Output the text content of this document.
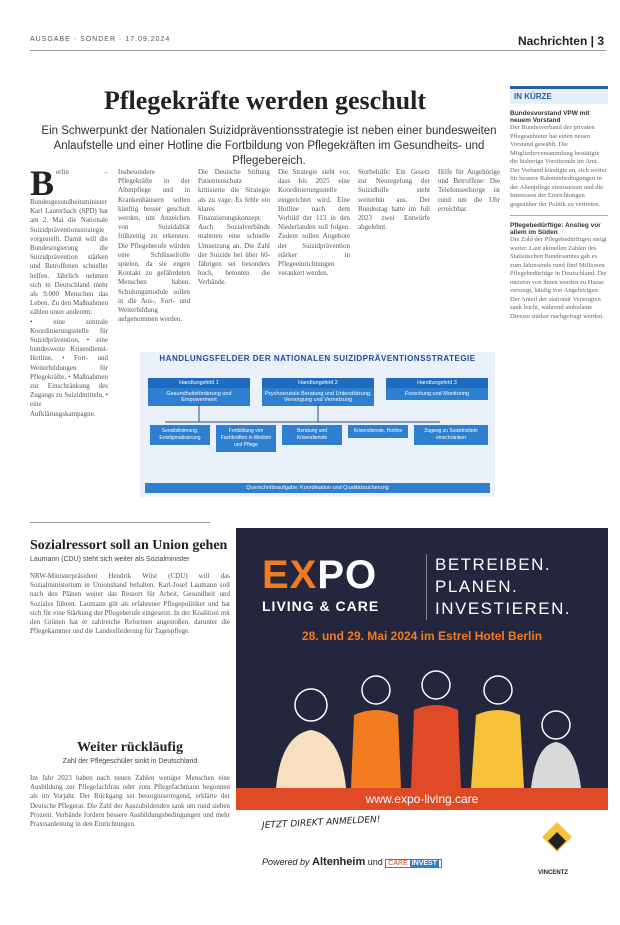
AUSGABE · SONDER · 17.09.2024	Nachrichten | 3
Pflegekräfte werden geschult
Ein Schwerpunkt der Nationalen Suizidpräventionsstrategie ist neben einer bundesweiten Anlaufstelle und einer Hotline die Fortbildung von Pflegekräften im Gesundheits- und Pflegebereich.
B erlin – Bundesgesundheitsminister Karl Lauterbach (SPD) hat am 2. Mai die Nationale Suizidpräventionsstrategie vorgestellt. Damit will die Bundesregierung die Suizidprävention stärken und Betroffenen schneller helfen. Jährlich nehmen sich in Deutschland mehr als 9.000 Menschen das Leben. Zu den Maßnahmen zählen unter anderem:
• eine zentrale Koordinierungsstelle für Suizidprävention, • eine bundesweite Krisendienst-Hotline, • Fort- und Weiterbildungen für Pflegekräfte, • Maßnahmen zur Einschränkung des Zugangs zu Suizidmitteln, • eine Aufklärungskampagne.
Insbesondere Pflegekräfte in der Altenpflege und in Krankenhäusern sollen künftig besser geschult werden, um Anzeichen von Suizidalität frühzeitig zu erkennen. Die Pflegeberufe würden eine Schlüsselrolle spielen, da sie engen Kontakt zu gefährdeten Menschen haben. Schulungsmodule sollen in die Aus-, Fort- und Weiterbildung aufgenommen werden.
Die Deutsche Stiftung Patientenschutz kritisierte die Strategie als zu vage. Es fehle ein klares Finanzierungskonzept. Auch Sozialverbände mahnten eine schnelle Umsetzung an. Die Zahl der Suizide bei über 60-Jährigen sei besonders hoch, betonten die Verbände.
Die Strategie sieht vor, dass bis 2025 eine Koordinierungsstelle eingerichtet wird. Eine Hotline nach dem Vorbild der 113 in den Niederlanden soll folgen. Zudem sollen Angebote der Suizidprävention stärker in Pflegeeinrichtungen verankert werden.
Sterbehilfe: Ein Gesetz zur Neuregelung der Suizidhilfe steht weiterhin aus. Der Bundestag hatte im Juli 2023 zwei Entwürfe abgelehnt.
Hilfe für Angehörige und Betroffene: Die Telefonseelsorge ist rund um die Uhr erreichbar.
HANDLUNGSFELDER DER NATIONALEN SUIZIDPRÄVENTIONSSTRATEGIE
Handlungsfeld 1
Gesundheitsförderung und Empowerment
Handlungsfeld 2
Psychosoziale Beratung und Unterstützung, Versorgung und Vernetzung
Handlungsfeld 3
Forschung und Monitoring
Sensibilisierung, Entstigmatisierung
Fortbildung von Fachkräften in Medizin und Pflege
Beratung und Krisendienste
Krisendienste, Hotline	Zugang zu Suizidmitteln einschränken
Querschnittsaufgabe: Koordination und Qualitätssicherung
IN KÜRZE
Bundesvorstand VPW mit neuem Vorstand
Der Bundesverband der privaten Pflegeanbieter hat einen neuen Vorstand gewählt. Die Mitgliederversammlung bestätigte die bisherige Vorsitzende im Amt. Der Verband kündigte an, sich weiter für bessere Rahmenbedingungen in der Altenpflege einzusetzen und die Interessen der Einrichtungen gegenüber der Politik zu vertreten.
Pflegebedürftige: Anstieg vor allem im Süden
Die Zahl der Pflegebedürftigen steigt weiter. Laut aktuellen Zahlen des Statistischen Bundesamtes gab es zum Jahresende rund fünf Millionen Pflegebedürftige in Deutschland. Die meisten von ihnen werden zu Hause versorgt, häufig von Angehörigen. Der Anteil der stationär Versorgten sank leicht, während ambulante Dienste stärker nachgefragt werden.
Sozialressort soll an Union gehen
Laumann (CDU) steht sich weiter als Sozialminister
NRW-Ministerpräsident Hendrik Wüst (CDU) will das Sozialministerium in Unionshand behalten. Karl-Josef Laumann soll nach den Plänen weiter das Ressort für Arbeit, Gesundheit und Soziales führen. Laumann gilt als erfahrener Pflegepolitiker und hat sich für eine Stärkung der Pflegeberufe eingesetzt. In der Koalition mit den Grünen hat er zahlreiche Reformen angestoßen, darunter die Pflegekammer und die Landesförderung für Tagespflege.
Weiter rückläufig
Zahl der Pflegeschüler sinkt in Deutschland
Im Jahr 2023 haben nach neuen Zahlen weniger Menschen eine Ausbildung zur Pflegefachfrau oder zum Pflegefachmann begonnen als im Vorjahr. Der Rückgang sei besorgniserregend, erklärte der Deutsche Pflegerat. Die Zahl der Auszubildenden sank um rund sieben Prozent. Verbände fordern bessere Ausbildungsbedingungen und mehr Praxisanleitung in den Einrichtungen.
EXPO
LIVING & CARE
BETREIBEN.
PLANEN.
INVESTIEREN.
28. und 29. Mai 2024 im Estrel Hotel Berlin
www.expo-living.care
JETZT DIREKT ANMELDEN!
Powered by Altenheim und CARE INVEST
VINCENTZ
